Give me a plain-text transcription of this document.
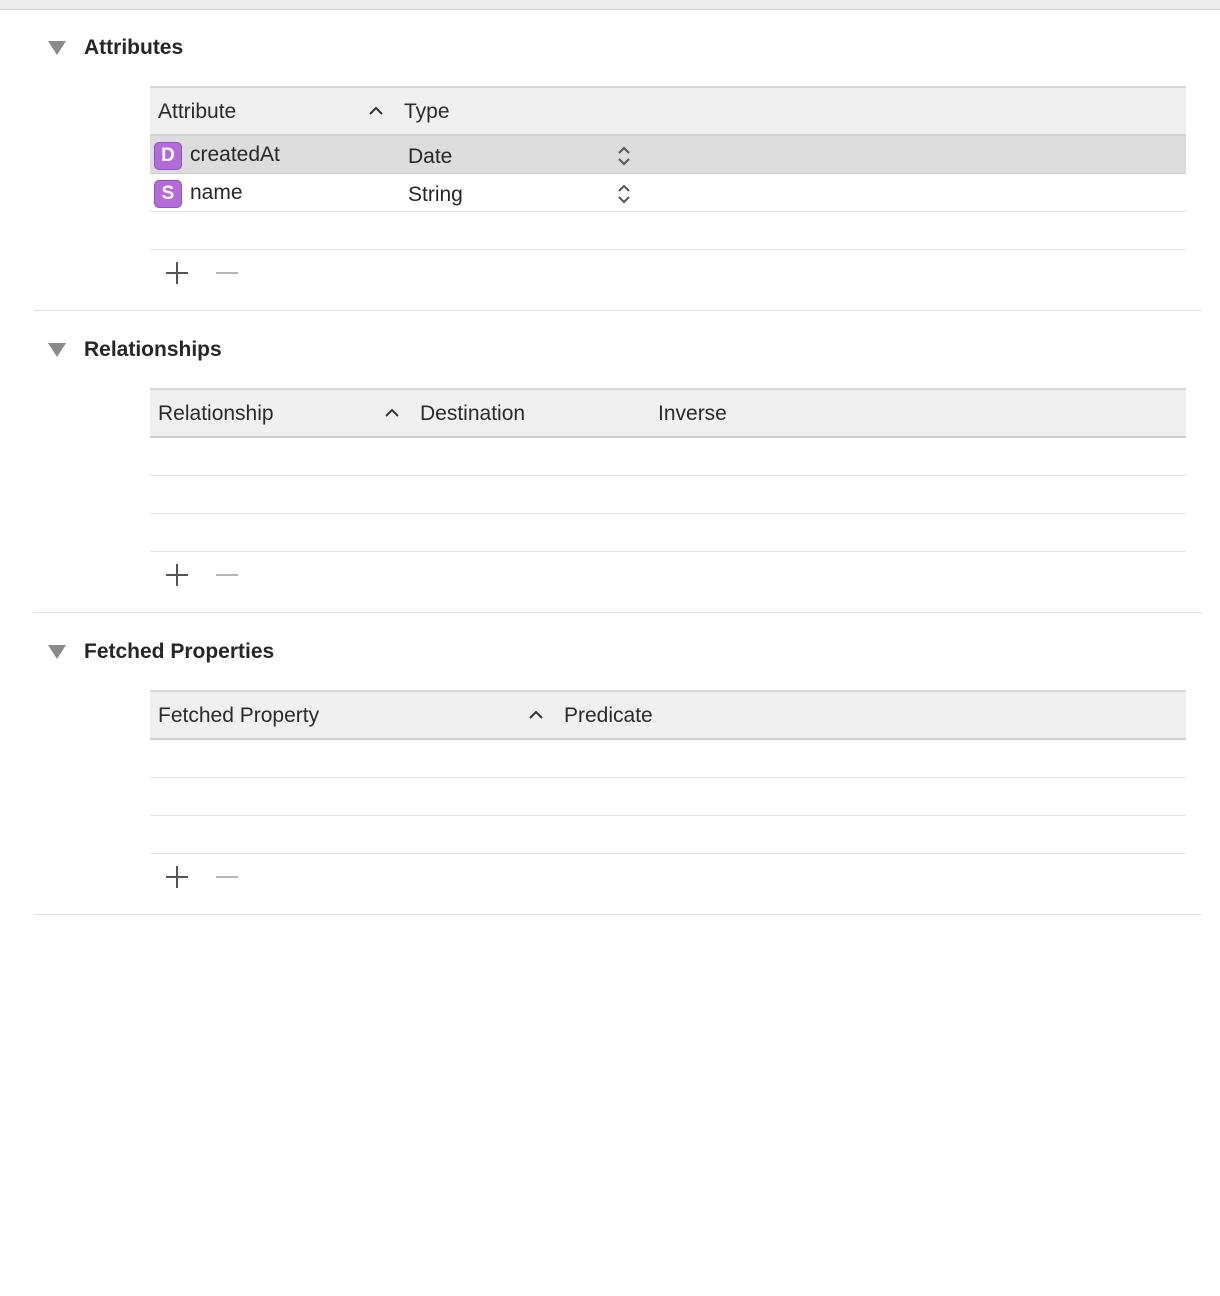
Attributes
Attribute	Type
D createdAt	Date
S name	String
Relationships
Relationship	Destination	Inverse
Fetched Properties
Fetched Property	Predicate
